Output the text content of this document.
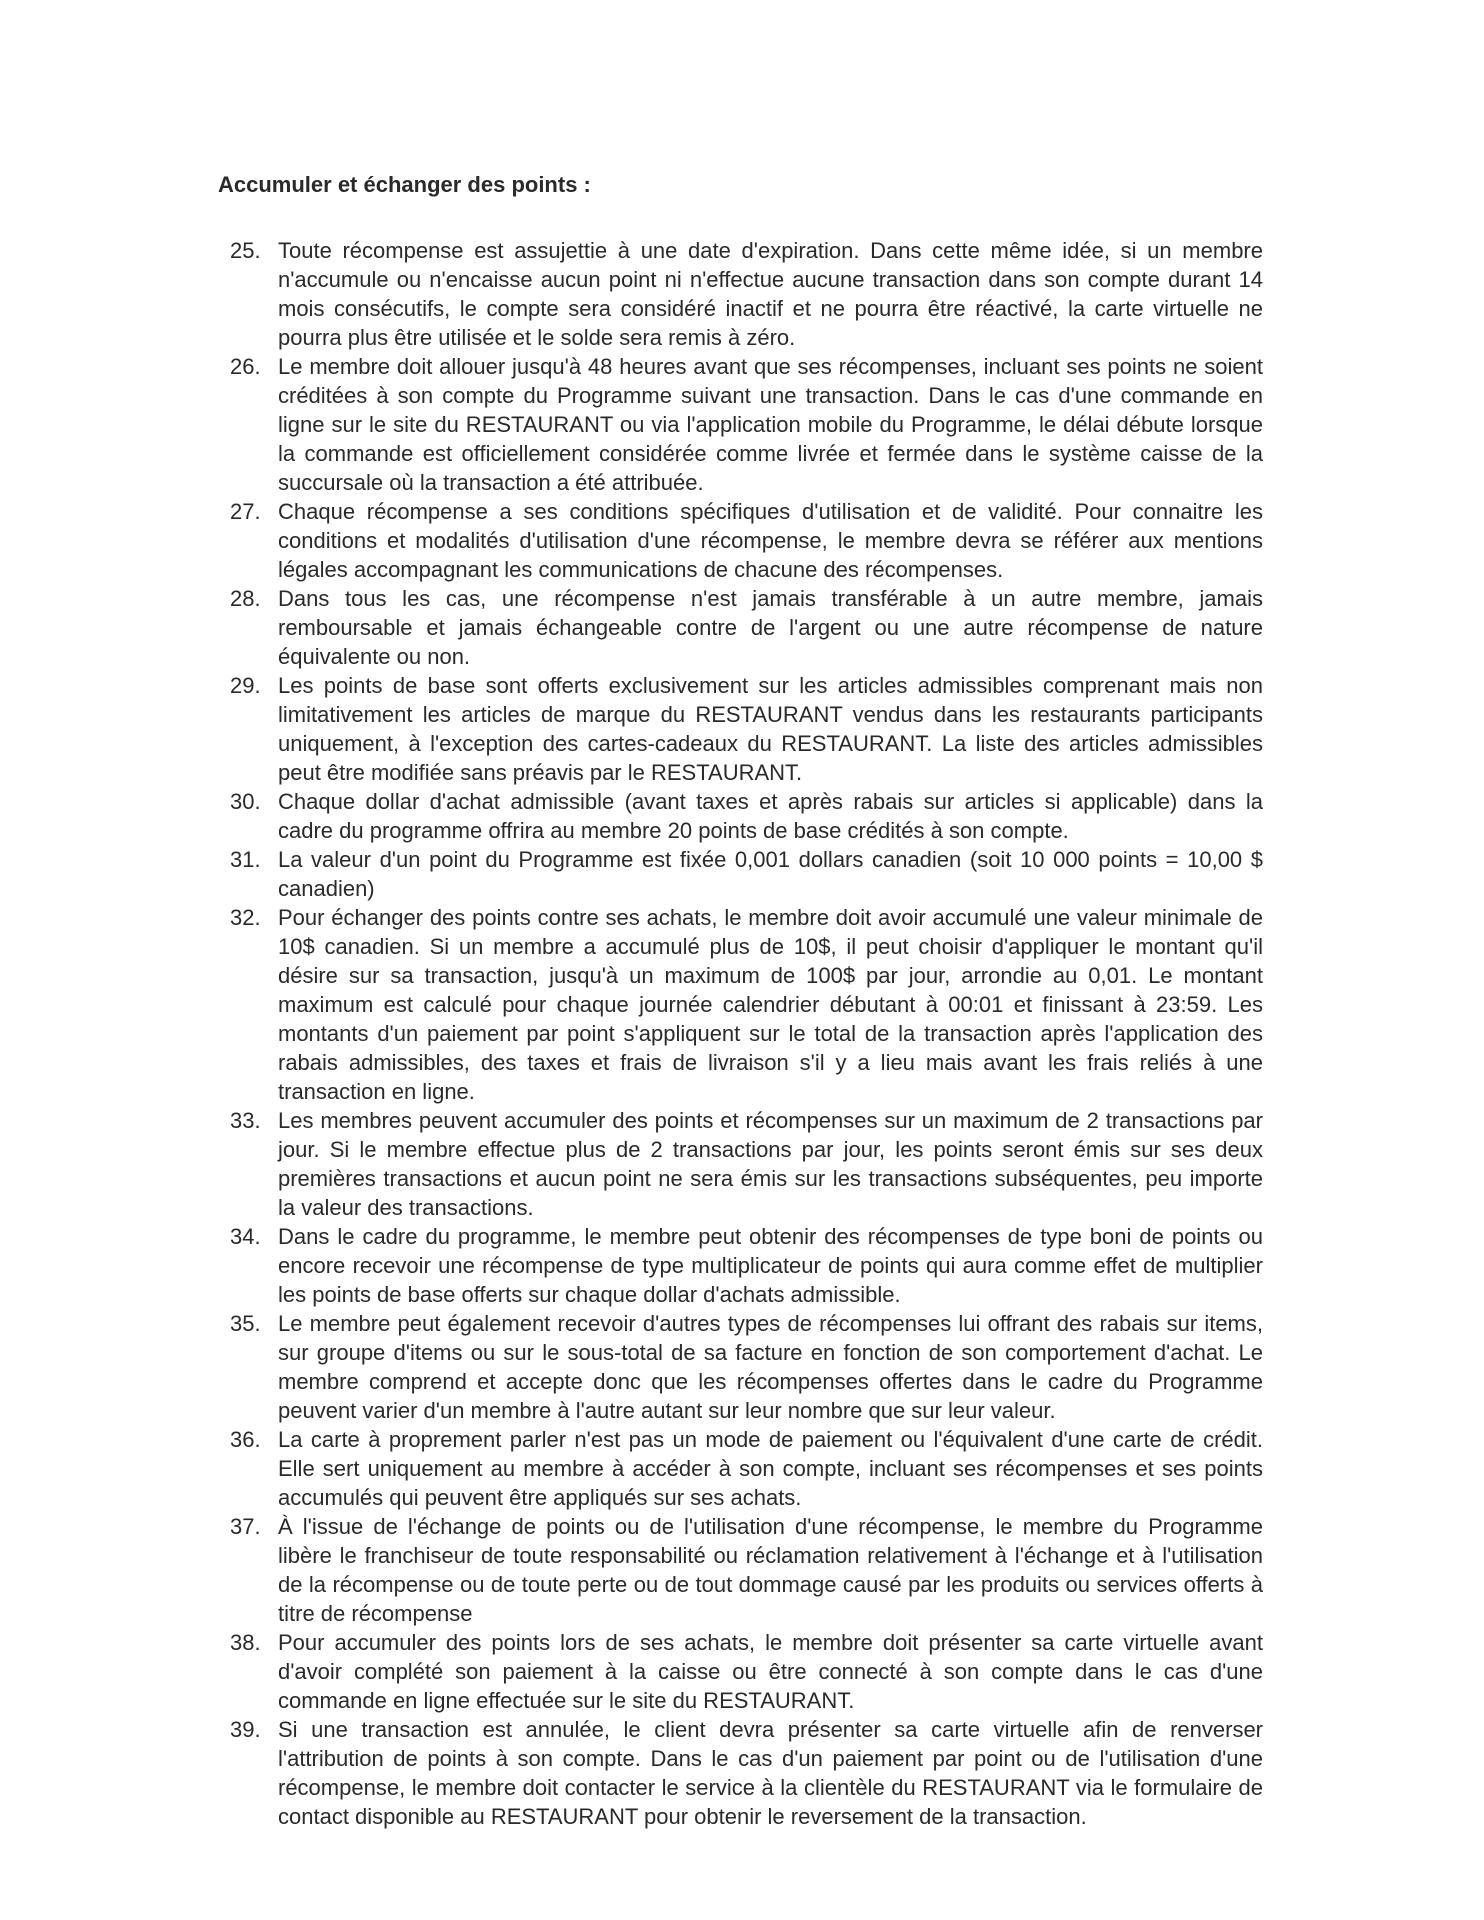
Accumuler et échanger des points :
25. Toute récompense est assujettie à une date d'expiration. Dans cette même idée, si un membre n'accumule ou n'encaisse aucun point ni n'effectue aucune transaction dans son compte durant 14 mois consécutifs, le compte sera considéré inactif et ne pourra être réactivé, la carte virtuelle ne pourra plus être utilisée et le solde sera remis à zéro.

26. Le membre doit allouer jusqu'à 48 heures avant que ses récompenses, incluant ses points ne soient créditées à son compte du Programme suivant une transaction. Dans le cas d'une commande en ligne sur le site du RESTAURANT ou via l'application mobile du Programme, le délai débute lorsque la commande est officiellement considérée comme livrée et fermée dans le système caisse de la succursale où la transaction a été attribuée.

27. Chaque récompense a ses conditions spécifiques d'utilisation et de validité. Pour connaitre les conditions et modalités d'utilisation d'une récompense, le membre devra se référer aux mentions légales accompagnant les communications de chacune des récompenses.

28. Dans tous les cas, une récompense n'est jamais transférable à un autre membre, jamais remboursable et jamais échangeable contre de l'argent ou une autre récompense de nature équivalente ou non.

29. Les points de base sont offerts exclusivement sur les articles admissibles comprenant mais non limitativement les articles de marque du RESTAURANT vendus dans les restaurants participants uniquement, à l'exception des cartes-cadeaux du RESTAURANT. La liste des articles admissibles peut être modifiée sans préavis par le RESTAURANT.

30. Chaque dollar d'achat admissible (avant taxes et après rabais sur articles si applicable) dans la cadre du programme offrira au membre 20 points de base crédités à son compte.

31. La valeur d'un point du Programme est fixée 0,001 dollars canadien (soit 10 000 points = 10,00 $ canadien)

32. Pour échanger des points contre ses achats, le membre doit avoir accumulé une valeur minimale de 10$ canadien. Si un membre a accumulé plus de 10$, il peut choisir d'appliquer le montant qu'il désire sur sa transaction, jusqu'à un maximum de 100$ par jour, arrondie au 0,01. Le montant maximum est calculé pour chaque journée calendrier débutant à 00:01 et finissant à 23:59. Les montants d'un paiement par point s'appliquent sur le total de la transaction après l'application des rabais admissibles, des taxes et frais de livraison s'il y a lieu mais avant les frais reliés à une transaction en ligne.

33. Les membres peuvent accumuler des points et récompenses sur un maximum de 2 transactions par jour. Si le membre effectue plus de 2 transactions par jour, les points seront émis sur ses deux premières transactions et aucun point ne sera émis sur les transactions subséquentes, peu importe la valeur des transactions.

34. Dans le cadre du programme, le membre peut obtenir des récompenses de type boni de points ou encore recevoir une récompense de type multiplicateur de points qui aura comme effet de multiplier les points de base offerts sur chaque dollar d'achats admissible.

35. Le membre peut également recevoir d'autres types de récompenses lui offrant des rabais sur items, sur groupe d'items ou sur le sous-total de sa facture en fonction de son comportement d'achat. Le membre comprend et accepte donc que les récompenses offertes dans le cadre du Programme peuvent varier d'un membre à l'autre autant sur leur nombre que sur leur valeur.

36. La carte à proprement parler n'est pas un mode de paiement ou l'équivalent d'une carte de crédit. Elle sert uniquement au membre à accéder à son compte, incluant ses récompenses et ses points accumulés qui peuvent être appliqués sur ses achats.

37. À l'issue de l'échange de points ou de l'utilisation d'une récompense, le membre du Programme libère le franchiseur de toute responsabilité ou réclamation relativement à l'échange et à l'utilisation de la récompense ou de toute perte ou de tout dommage causé par les produits ou services offerts à titre de récompense

38. Pour accumuler des points lors de ses achats, le membre doit présenter sa carte virtuelle avant d'avoir complété son paiement à la caisse ou être connecté à son compte dans le cas d'une commande en ligne effectuée sur le site du RESTAURANT.

39. Si une transaction est annulée, le client devra présenter sa carte virtuelle afin de renverser l'attribution de points à son compte. Dans le cas d'un paiement par point ou de l'utilisation d'une récompense, le membre doit contacter le service à la clientèle du RESTAURANT via le formulaire de contact disponible au RESTAURANT pour obtenir le reversement de la transaction.
